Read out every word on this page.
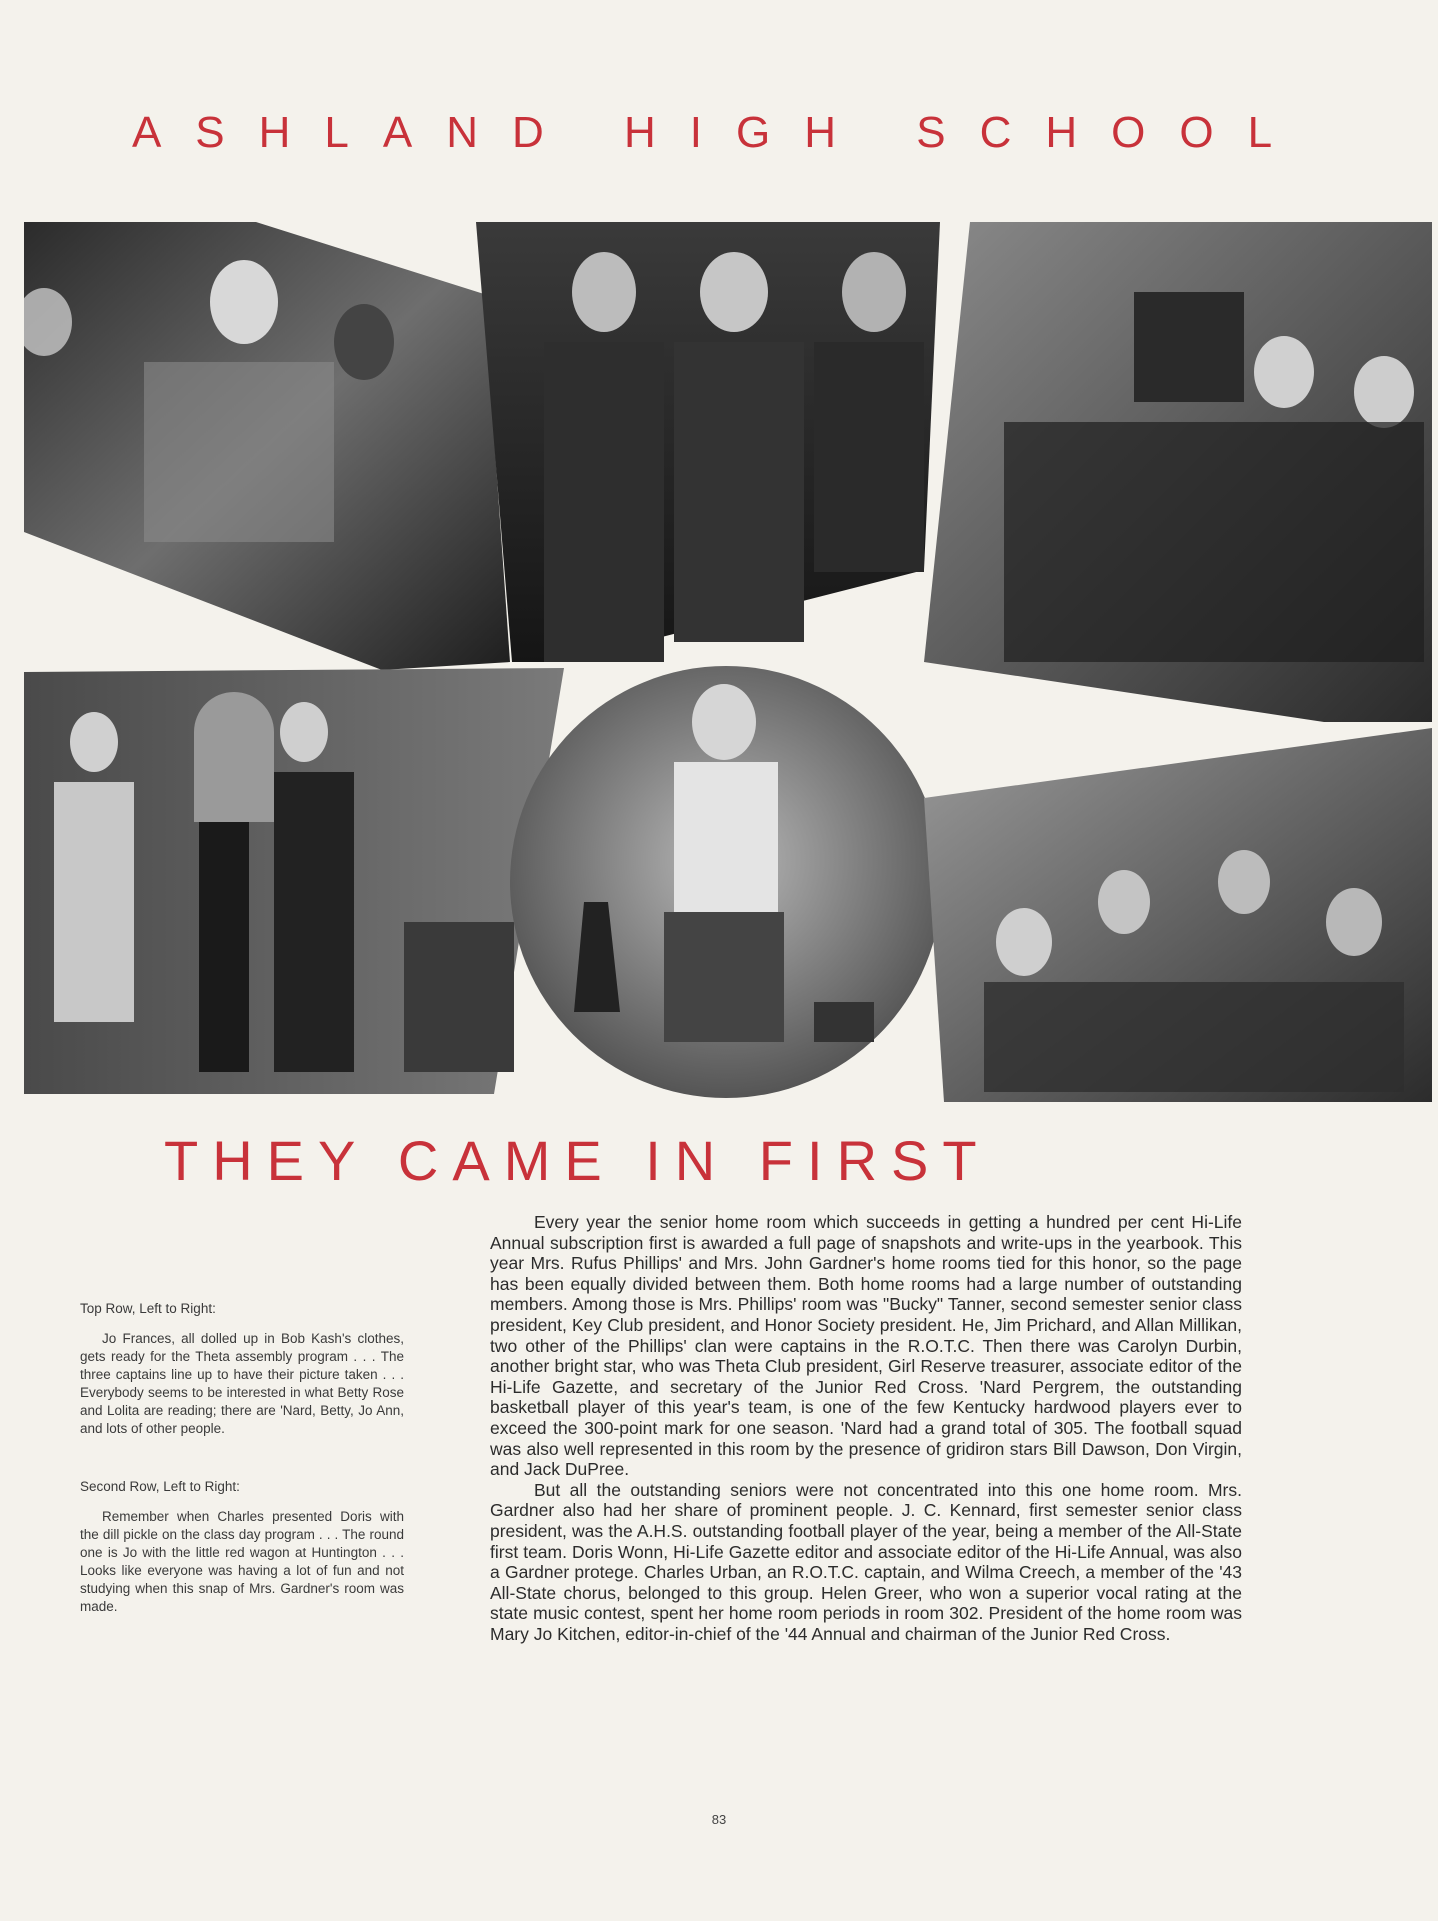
ASHLAND HIGH SCHOOL
THEY CAME IN FIRST

Top Row, Left to Right:

Jo Frances, all dolled up in Bob Kash's clothes, gets ready for the Theta assembly program . . . The three captains line up to have their picture taken . . . Everybody seems to be interested in what Betty Rose and Lolita are reading; there are 'Nard, Betty, Jo Ann, and lots of other people.

Second Row, Left to Right:

Remember when Charles presented Doris with the dill pickle on the class day program . . . The round one is Jo with the little red wagon at Huntington . . . Looks like everyone was having a lot of fun and not studying when this snap of Mrs. Gardner's room was made.

Every year the senior home room which succeeds in getting a hundred per cent Hi-Life Annual subscription first is awarded a full page of snapshots and write-ups in the yearbook. This year Mrs. Rufus Phillips' and Mrs. John Gardner's home rooms tied for this honor, so the page has been equally divided between them. Both home rooms had a large number of outstanding members. Among those is Mrs. Phillips' room was "Bucky" Tanner, second semester senior class president, Key Club president, and Honor Society president. He, Jim Prichard, and Allan Millikan, two other of the Phillips' clan were captains in the R.O.T.C. Then there was Carolyn Durbin, another bright star, who was Theta Club president, Girl Reserve treasurer, associate editor of the Hi-Life Gazette, and secretary of the Junior Red Cross. 'Nard Pergrem, the outstanding basketball player of this year's team, is one of the few Kentucky hardwood players ever to exceed the 300-point mark for one season. 'Nard had a grand total of 305. The football squad was also well represented in this room by the presence of gridiron stars Bill Dawson, Don Virgin, and Jack DuPree.

But all the outstanding seniors were not concentrated into this one home room. Mrs. Gardner also had her share of prominent people. J. C. Kennard, first semester senior class president, was the A.H.S. outstanding football player of the year, being a member of the All-State first team. Doris Wonn, Hi-Life Gazette editor and associate editor of the Hi-Life Annual, was also a Gardner protege. Charles Urban, an R.O.T.C. captain, and Wilma Creech, a member of the '43 All-State chorus, belonged to this group. Helen Greer, who won a superior vocal rating at the state music contest, spent her home room periods in room 302. President of the home room was Mary Jo Kitchen, editor-in-chief of the '44 Annual and chairman of the Junior Red Cross.

83
